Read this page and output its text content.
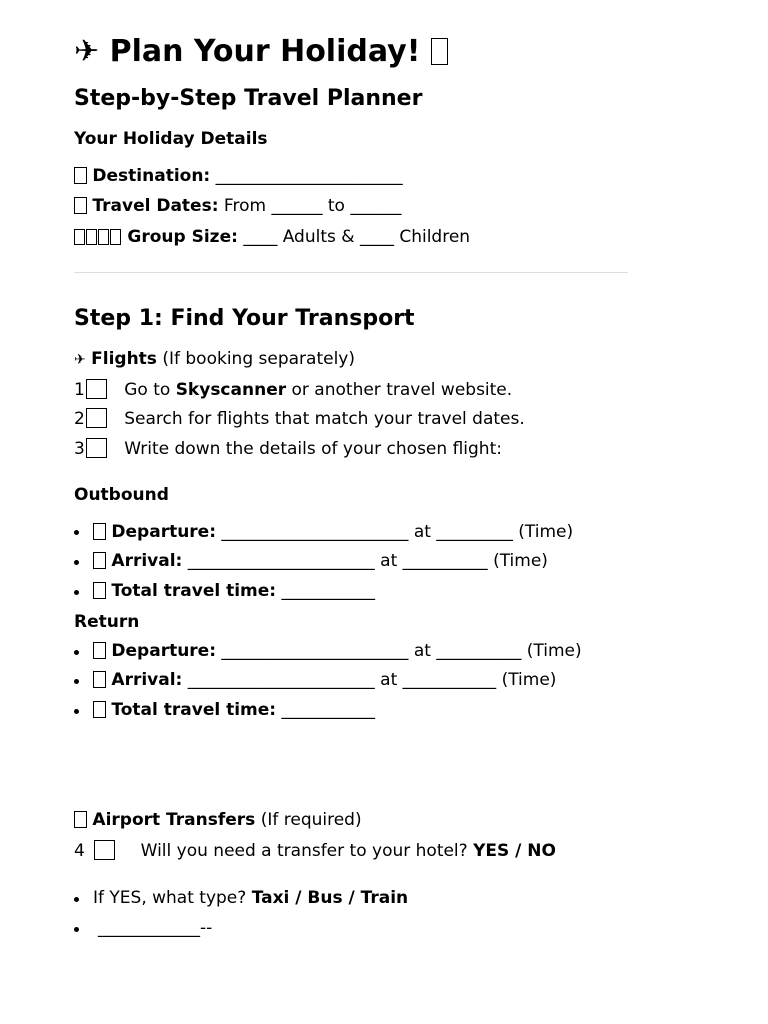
✈ Plan Your Holiday!
Step-by-Step Travel Planner
Your Holiday Details
Destination: ______________________
Travel Dates: From ______ to ______
Group Size: ____ Adults & ____ Children
Step 1: Find Your Transport
✈ Flights (If booking separately)
1 Go to Skyscanner or another travel website.
2 Search for flights that match your travel dates.
3 Write down the details of your chosen flight:
Outbound
Departure: ______________________ at _________ (Time)
Arrival: ______________________ at __________ (Time)
Total travel time: ___________
Return
Departure: ______________________ at __________ (Time)
Arrival: ______________________ at ___________ (Time)
Total travel time: ___________
Airport Transfers (If required)
4	Will you need a transfer to your hotel? YES / NO
If YES, what type? Taxi / Bus / Train
____________--
